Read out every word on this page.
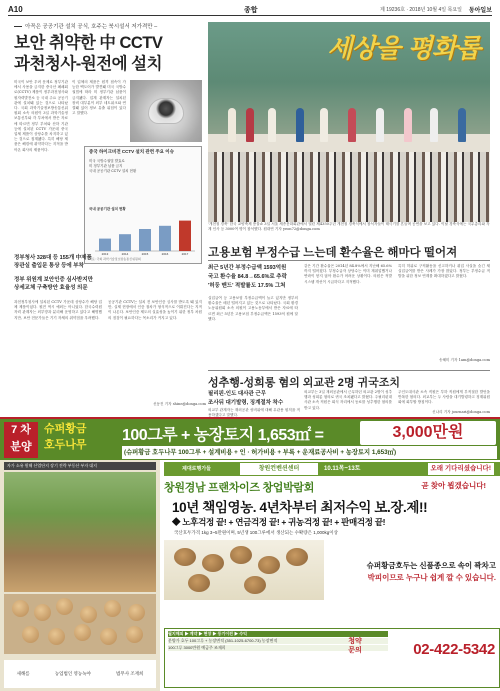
A10	종합	제 19236호 · 2018년 10월 4일 목요일 동아일보
아꼭은 공공기관 설치 공식, 호주는 북시설서 저가격만 –
보안 취약한 中 CCTV
과천청사-원전에 설치
미국이 보안 우려 문제로 정부기관에서 사용을 금지한 중국산 폐쇄회로(CCTV) 제품이 정부과천청사와 원자력발전소 등 국내 주요 공공기관에 설치돼 있는 것으로 나타났다. 국회 과학기술정보방송통신위원회 소속 의원이 3일 과학기술정보통신부와 각 부처에서 받은 자료에 따르면 정부 부처와 산하 기관 등에 설치된 CCTV 가운데 중국 업체 제품이 상당수를 차지하고 있는 것으로 집계됐다. 특히 해당 제품은 해킹에 취약하다는 지적을 받아온 회사의 제품이다.
이 업체의 제품은 원격 접속이 가능한 백도어가 발견돼 미국 국방수권법에 따라 미 정부기관 납품이 금지됐다. 업계 관계자는 설치된 장비 대부분이 외부 네트워크와 연결돼 있어 정보 유출 위험이 있다고 말했다.
중국 하이크비전 CCTV 설치 관련 주요 이슈
미국 국방수권법 발효로
미 정부기관 납품 금지
국내 공공기관 설치 현황
국내 공공기관 CCTV 설치 현황
2013	2014	2015	2016	2017
자료: 국회 과학기술정보방송통신위원회
정부청사 328대 등 155개 中제품
장관실 출입문 통상 등에 부착
정부 위원계 보안인증 심사받지만
상세교체 구축방안 효율성 의문
과천정부청사에 설치된 CCTV 가운데 상당수가 해당 업체 제품이었다. 원전 역시 예외는 아니었다. 한국수력원자력 관계자는 외부망과 분리해 운영하고 있다고 해명했지만, 보안 전문가들은 기기 자체의 취약점을 우려했다.
공공기관 CCTV는 설치 전 보안인증 심사를 받도록 돼 있지만, 실제 현장에서 인증 절차가 형식적으로 이뤄진다는 지적이 나온다. 보안인증 제도의 실효성을 높이기 위한 정부 차원의 점검이 필요하다는 목소리가 커지고 있다.
신동진 기자 shine@donga.com
세상을 평화롭
'개천절 경축' 한국 교양축제 풍물쇼 3일 서울 세종문화회관에서 열린 제4350주년 개천절 경축식에서 참석자들이 태극기를 흔들며 공연을 보고 있다. 이날 경축식에는 국무총리와 각계 인사 등 3000여 명이 참석했다. 원대연 기자 yeon72@donga.com
고용보험 부정수급 느는데 환수율은 해마다 떨어져
최근 5년간 부정수급액 1593억원
국고 환수율 84.8→65.6%로 추락
'허둥 맨드' 적발률도 17.5% 그쳐
실업급여 등 고용보험 부정수급액이 늘고 있지만 정부의 환수율은 매년 떨어지고 있는 것으로 나타났다. 국회 환경노동위원회 소속 의원이 고용노동부에서 받은 자료에 따르면 최근 5년간 고용보험 부정수급액은 1593억 원에 달했다.
같은 기간 환수율은 2014년 84.8%에서 지난해 65.6%까지 떨어졌다. 부정수급자 상당수는 이미 재취업했거나 연락이 닿지 않아 환수가 어려운 상황이다. 의원은 적발 시스템 개선이 시급하다고 지적했다.
특히 허위로 구직활동을 신고하거나 취업 사실을 숨긴 채 실업급여를 받은 사례가 가장 많았다. 정부는 부정수급 적발을 위한 정보 연계를 확대하겠다고 밝혔다.
송혜미 기자 1am@donga.com
성추행-성희롱 혐의 외교관 2명 귀국조치
필리핀-인도 대사관 근무
조사뒤 대기발령, 징계절차 착수
외교부는 3일 재외공관에서 근무하던 외교관 2명이 성추행과 성희롱 혐의로 귀국 조치됐다고 밝혔다. 주필리핀대사관 소속 직원은 회식 자리에서 동료를 성추행한 혐의를 받고 있다.
주인도대사관 소속 직원은 부하 직원에게 부적절한 발언을 반복한 혐의다. 외교부는 두 사람을 대기발령하고 징계위원회에 회부할 방침이다.
외교부 관계자는 재외공관 성비위에 대해 무관용 원칙을 적용하겠다고 말했다.
신나리 기자 journari@donga.com
7 차
분양
슈퍼황금
호두나무
100그루 + 농장토지 1,653㎡ =	3,000만원
(슈퍼황금 호두나무 100그루 + 설계비용 + 인 · 허가비용 + 부록 + 운재료공사비 + 농장토지 1,653㎡)
자가 소유 원해 산업단지 장기 전략 부동산 부자 대지
새해름	농업법인 영농녹야	법무사 조재희
제대로행가들	창원컨벤션센터	10.11목~13토	오래 기다리셨습니다!
창원경남 프랜차이즈 창업박람회	곧 찾아 뵙겠습니다!
10년 책임영농. 4년차부터 최저수익 보.장.제!!
◆ 노후걱정 끝! + 연금걱정 끝! + 귀농걱정 끝! + 판매걱정 끝!
국산호두가격 1kg 3~5만원이며, 5년생 100그루에서 생산되는 수확량은 1,000kg이상
슈퍼황금호두는 신품종으로 속이 꽉차고
박피이므로 누구나 쉽게 깔 수 있습니다.
필지해외 ▶ 계약 ▶ 현장 ▶ 등기이전 ▶ 수익
분양가 호두 100그루 + 농장면적 (351-1025-6700-73) 농장면적
100그루 3000만원 예금주 조재희
청약문의	02-422-5342
